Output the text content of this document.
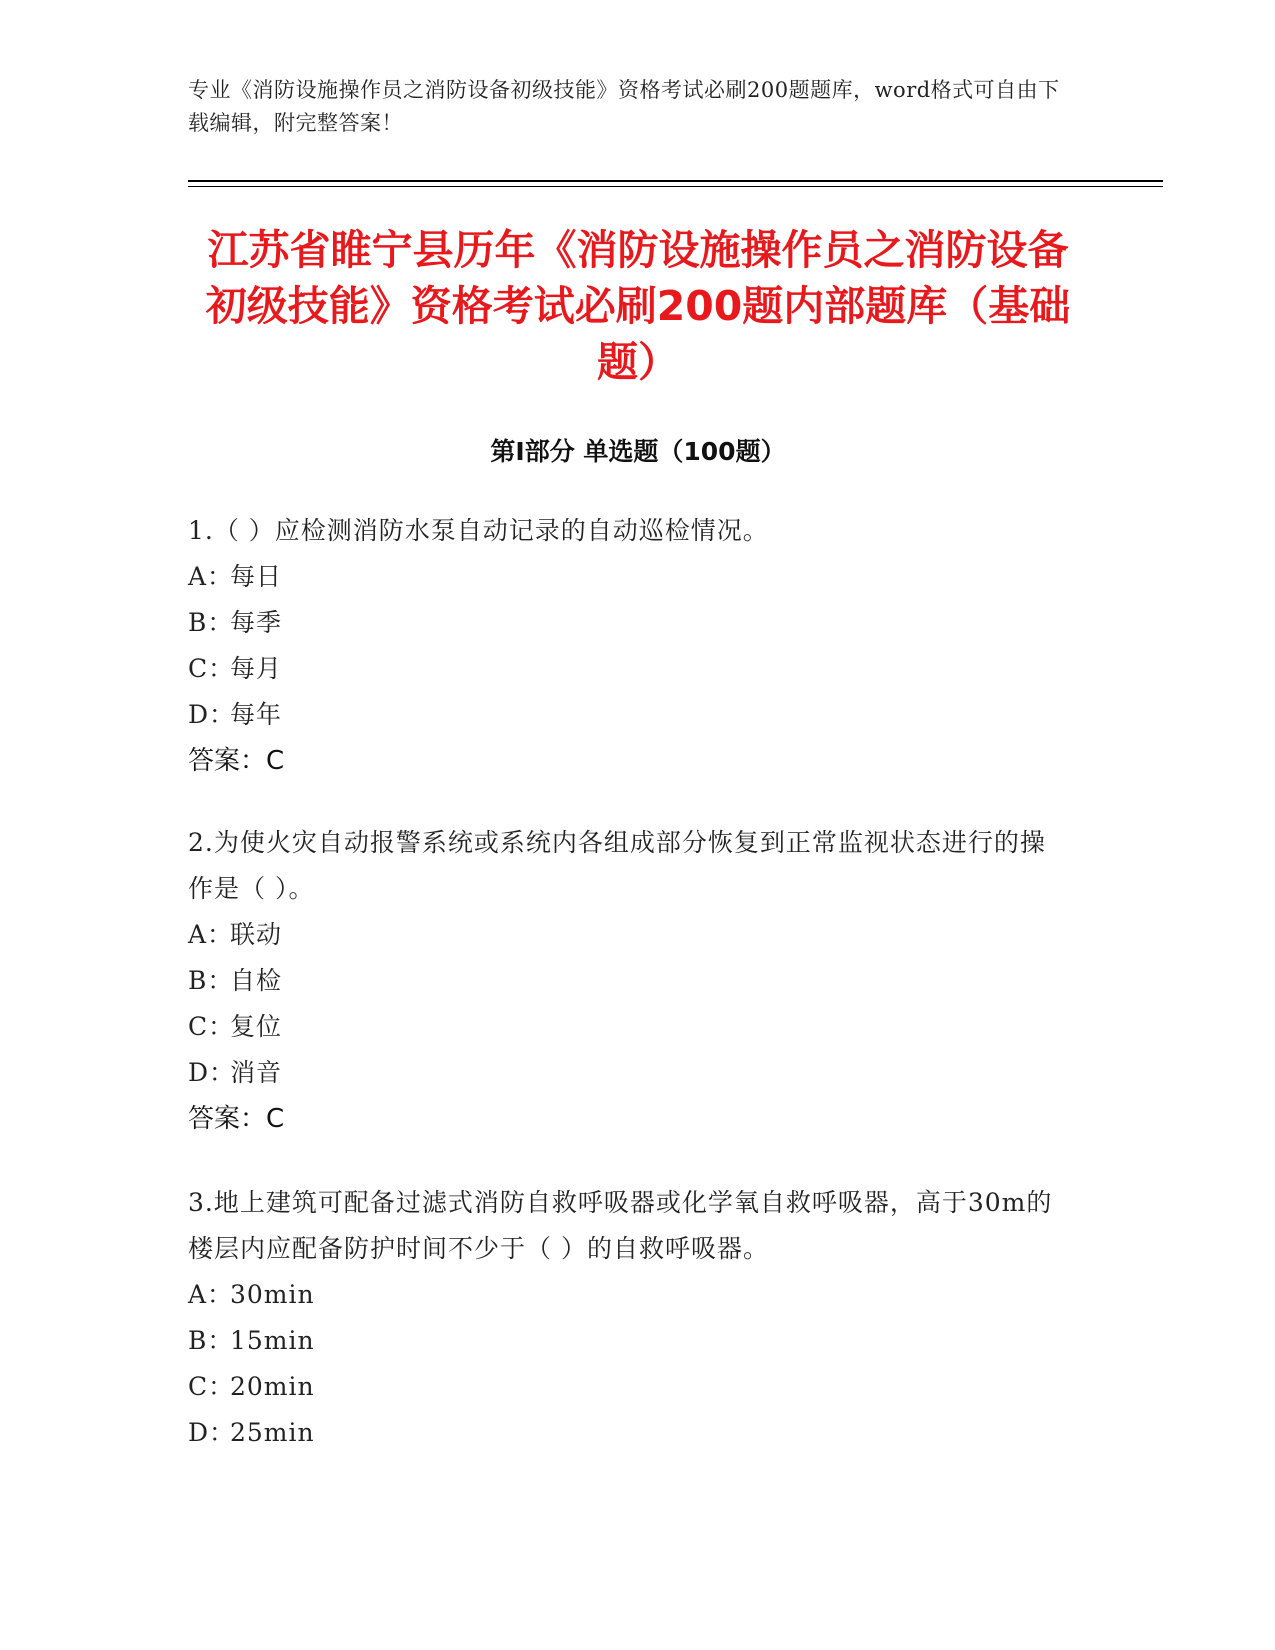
专业《消防设施操作员之消防设备初级技能》资格考试必刷200题题库，word格式可自由下载编辑，附完整答案！
江苏省睢宁县历年《消防设施操作员之消防设备初级技能》资格考试必刷200题内部题库（基础题）
第Ⅰ部分 单选题（100题）
1.（ ）应检测消防水泵自动记录的自动巡检情况。
A：每日
B：每季
C：每月
D：每年
答案：C
2.为使火灾自动报警系统或系统内各组成部分恢复到正常监视状态进行的操作是（ ）。
A：联动
B：自检
C：复位
D：消音
答案：C
3.地上建筑可配备过滤式消防自救呼吸器或化学氧自救呼吸器，高于30m的楼层内应配备防护时间不少于（ ）的自救呼吸器。
A：30min
B：15min
C：20min
D：25min
